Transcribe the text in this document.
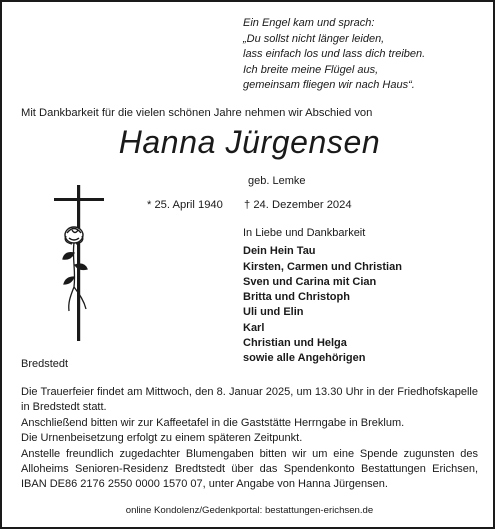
Ein Engel kam und sprach:
„Du sollst nicht länger leiden,
lass einfach los und lass dich treiben.
Ich breite meine Flügel aus,
gemeinsam fliegen wir nach Haus“.
Mit Dankbarkeit für die vielen schönen Jahre nehmen wir Abschied von
Hanna Jürgensen
geb. Lemke
* 25. April 1940 † 24. Dezember 2024
In Liebe und Dankbarkeit
Dein Hein Tau
Kirsten, Carmen und Christian
Sven und Carina mit Cian
Britta und Christoph
Uli und Elin
Karl
Christian und Helga
sowie alle Angehörigen
Bredstedt
Die Trauerfeier findet am Mittwoch, den 8. Januar 2025, um 13.30 Uhr in der Friedhofskapelle in Bredstedt statt.
Anschließend bitten wir zur Kaffeetafel in die Gaststätte Herrngabe in Breklum.
Die Urnenbeisetzung erfolgt zu einem späteren Zeitpunkt.
Anstelle freundlich zugedachter Blumengaben bitten wir um eine Spende zugunsten des Alloheims Senioren-Residenz Bredtstedt über das Spendenkonto Bestattungen Erichsen, IBAN DE86 2176 2550 0000 1570 07, unter Angabe von Hanna Jürgensen.
online Kondolenz/Gedenkportal: bestattungen-erichsen.de
